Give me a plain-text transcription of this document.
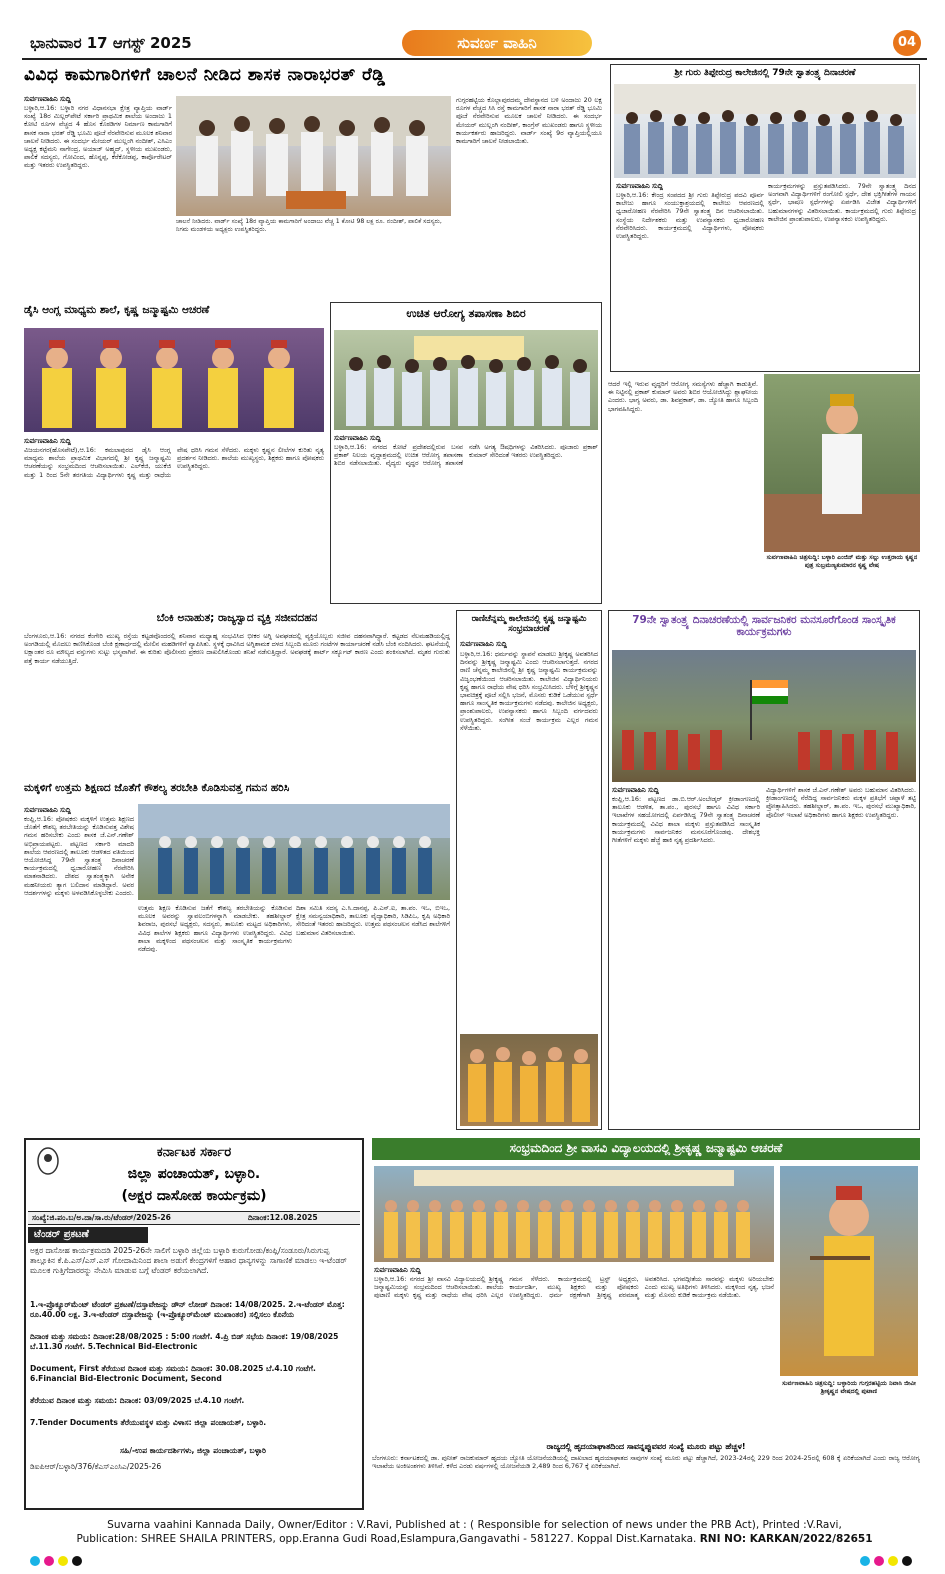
ಭಾನುವಾರ 17 ಆಗಸ್ಟ್ 2025	ಸುವರ್ಣ ವಾಹಿನಿ	04
ವಿವಿಧ ಕಾಮಗಾರಿಗಳಿಗೆ ಚಾಲನೆ ನೀಡಿದ ಶಾಸಕ ನಾರಾಭರತ್ ರೆಡ್ಡಿ
ಸುರ್ವಣವಾಹಿನಿ ಸುದ್ದಿ
ಬಳ್ಳಾರಿ,ಆ.16: ಬಳ್ಳಾರಿ ನಗರ ವಿಧಾನಸಭಾ ಕ್ಷೇತ್ರ ವ್ಯಾಪ್ತಿಯ ವಾರ್ಡ್ ಸಂಖ್ಯೆ 18ರ ಮಿಲ್ಲರ್‌ಪೇಟೆ ಸರ್ಕಾರಿ ಪ್ರಾಥಮಿಕ ಶಾಲೆಯ ಅಂದಾಜು 1 ಕೋಟಿ ರೂಗಳ ವೆಚ್ಚದ 4 ಹೊಸ ಕೊಠಡಿಗಳ ನಿರ್ಮಾಣ ಕಾಮಗಾರಿಗೆ ಶಾಸಕ ನಾರಾ ಭರತ್ ರೆಡ್ಡಿ ಭೂಮಿ ಪೂಜೆ ನೆರವೇರಿಸುವ ಮೂಲಕ ಶನಿವಾರ ಚಾಲನೆ ನೀಡಿದರು. ಈ ಸಂದರ್ಭ ಮೇಯರ್ ಮುಲ್ಲಂಗಿ ನಂದೀಶ್, ಎಸಿಎಂ ಅಧ್ಯಕ್ಷ ಕಟ್ಟೆಮನಿ ನಾಗೇಂದ್ರ, ಅಯಾಜ್ ಅಹ್ಮದ್, ಸ್ಥಳೀಯ ಮುಖಂಡರು, ಪಾಲಿಕೆ ಸದಸ್ಯರು, ಗೋವಿಂದ, ಹೊನ್ನಪ್ಪ, ಕೆರೆಕೋಡಪ್ಪ, ಕಾರ್ಪೊರೇಟರ್ ಮತ್ತು ಇತರರು ಉಪಸ್ಥಿತರಿದ್ದರು.
ಚಾಲನೆ ನೀಡಿದರು. ವಾರ್ಡ್ ಸಂಖ್ಯೆ 18ರ ವ್ಯಾಪ್ತಿಯ ಕಾಮಗಾರಿಗೆ ಅಂದಾಜು ವೆಚ್ಚ 1 ಕೋಟಿ 98 ಲಕ್ಷ ರೂ. ನಂದೀಶ್, ಪಾಲಿಕೆ ಸದಸ್ಯರು, ನಿಗಮ ಮಂಡಳಿಯ ಅಧ್ಯಕ್ಷರು ಉಪಸ್ಥಿತರಿದ್ದರು.
ಗುಗ್ಗರಹಟ್ಟಿಯ ಕೊಲ್ಲಾಪುರದಮ್ಮ ದೇವಸ್ಥಾನದ ಬಳಿ ಅಂದಾಜು 20 ಲಕ್ಷ ರೂಗಳ ವೆಚ್ಚದ ಸಿಸಿ ರಸ್ತೆ ಕಾಮಗಾರಿಗೆ ಶಾಸಕ ನಾರಾ ಭರತ್ ರೆಡ್ಡಿ ಭೂಮಿ ಪೂಜೆ ನೆರವೇರಿಸುವ ಮೂಲಕ ಚಾಲನೆ ನೀಡಿದರು. ಈ ಸಂದರ್ಭ ಮೇಯರ್ ಮುಲ್ಲಂಗಿ ನಂದೀಶ್, ಕಾಂಗ್ರೆಸ್ ಮುಖಂಡರು ಹಾಗೂ ಸ್ಥಳೀಯ ಕಾರ್ಯಕರ್ತರು ಹಾಜರಿದ್ದರು. ವಾರ್ಡ್ ಸಂಖ್ಯೆ 9ರ ವ್ಯಾಪ್ತಿಯಲ್ಲಿಯೂ ಕಾಮಗಾರಿಗೆ ಚಾಲನೆ ನೀಡಲಾಯಿತು.
ಶ್ರೀ ಗುರು ತಿಪ್ಪೇರುದ್ರ ಕಾಲೇಜಿನಲ್ಲಿ 79ನೇ ಸ್ವಾತಂತ್ರ್ಯ ದಿನಾಚರಣೆ
ಸುರ್ವಣವಾಹಿನಿ ಸುದ್ದಿ
ಬಳ್ಳಾರಿ,ಆ.16: ಕೇಂದ್ರ ಸಂಪದದ ಶ್ರೀ ಗುರು ತಿಪ್ಪೇರುದ್ರ ಪದವಿ ಪೂರ್ವ ಕಾಲೇಜು ಹಾಗೂ ಸಂಯುಕ್ತಾಶ್ರಯದಲ್ಲಿ ಕಾಲೇಜು ಆವರಣದಲ್ಲಿ ಧ್ವಜಾರೋಹಣ ನೆರವೇರಿಸಿ 79ನೇ ಸ್ವಾತಂತ್ರ್ಯ ದಿನ ಆಚರಿಸಲಾಯಿತು. ಸಂಸ್ಥೆಯ ನಿರ್ದೇಶಕರು ಮತ್ತು ಉಪನ್ಯಾಸಕರು ಧ್ವಜಾರೋಹಣ ನೆರವೇರಿಸಿದರು. ಕಾರ್ಯಕ್ರಮದಲ್ಲಿ ವಿದ್ಯಾರ್ಥಿಗಳು, ಪೋಷಕರು ಉಪಸ್ಥಿತರಿದ್ದರು.
ಕಾರ್ಯಕ್ರಮಗಳನ್ನು ಪ್ರಸ್ತುತಪಡಿಸಿದರು. 79ನೇ ಸ್ವಾತಂತ್ರ್ಯ ದಿನದ ಅಂಗವಾಗಿ ವಿದ್ಯಾರ್ಥಿಗಳಿಗೆ ರಂಗೋಲಿ ಸ್ಪರ್ಧೆ, ದೇಶ ಭಕ್ತಿಗೀತೆಗಳ ಗಾಯನ ಸ್ಪರ್ಧೆ, ಭಾಷಣ ಸ್ಪರ್ಧೆಗಳನ್ನು ಏರ್ಪಡಿಸಿ ವಿಜೇತ ವಿದ್ಯಾರ್ಥಿಗಳಿಗೆ ಬಹುಮಾನಗಳನ್ನು ವಿತರಿಸಲಾಯಿತು. ಕಾರ್ಯಕ್ರಮದಲ್ಲಿ ಗುರು ತಿಪ್ಪೇರುದ್ರ ಕಾಲೇಜಿನ ಪ್ರಾಂಶುಪಾಲರು, ಉಪನ್ಯಾಸಕರು ಉಪಸ್ಥಿತರಿದ್ದರು.
ಡೈಸಿ ಆಂಗ್ಲ ಮಾಧ್ಯಮ ಶಾಲೆ, ಕೃಷ್ಣ ಜನ್ಮಾಷ್ಟಮಿ ಆಚರಣೆ
ಸುರ್ವಣವಾಹಿನಿ ಸುದ್ದಿ
ವಿಜಯನಗರ(ಹೊಸಪೇಟೆ),ಆ.16: ಕಮಲಾಪುರದ ಡೈಸಿ ಆಂಗ್ಲ ಮಾಧ್ಯಮ ಶಾಲೆಯ ಪ್ರಾಥಮಿಕ ವಿಭಾಗದಲ್ಲಿ ಶ್ರೀ ಕೃಷ್ಣ ಜನ್ಮಾಷ್ಟಮಿ ಆಚರಣೆಯನ್ನು ಸಂಭ್ರಮದಿಂದ ಆಚರಿಸಲಾಯಿತು. ಎಲ್‌ಕೆಜಿ, ಯುಕೆಜಿ ಮತ್ತು 1 ರಿಂದ 5ನೇ ತರಗತಿಯ ವಿದ್ಯಾರ್ಥಿಗಳು ಕೃಷ್ಣ ಮತ್ತು ರಾಧೆಯ ವೇಷ ಧರಿಸಿ ಗಮನ ಸೆಳೆದರು. ಮಕ್ಕಳು ಕೃಷ್ಣನ ಲೀಲೆಗಳ ಕುರಿತು ನೃತ್ಯ ಪ್ರದರ್ಶನ ನೀಡಿದರು. ಶಾಲೆಯ ಮುಖ್ಯಸ್ಥರು, ಶಿಕ್ಷಕರು ಹಾಗೂ ಪೋಷಕರು ಉಪಸ್ಥಿತರಿದ್ದರು.
ಉಚಿತ ಆರೋಗ್ಯ ತಪಾಸಣಾ ಶಿಬಿರ
ಸುರ್ವಣವಾಹಿನಿ ಸುದ್ದಿ
ಬಳ್ಳಾರಿ,ಆ.16: ನಗರದ ಕೋಟೆ ಪ್ರದೇಶದಲ್ಲಿರುವ ಬಸವ ಪ್ರಕಾಶ್ ನಿಲಯ ವೃದ್ಧಾಶ್ರಮದಲ್ಲಿ ಉಚಿತ ಆರೋಗ್ಯ ತಪಾಸಣಾ ಶಿಬಿರ ನಡೆಸಲಾಯಿತು. ವೈದ್ಯರು ವೃದ್ಧರ ಆರೋಗ್ಯ ತಪಾಸಣೆ ನಡೆಸಿ ಅಗತ್ಯ ಔಷಧಿಗಳನ್ನು ವಿತರಿಸಿದರು. ಪೂಜಾರು ಪ್ರಕಾಶ್ ಕುಮಾರ್ ಸೇರಿದಂತೆ ಇತರರು ಉಪಸ್ಥಿತರಿದ್ದರು.
ಆದರೆ ಇಲ್ಲಿ ಇರುವ ವೃದ್ಧರಿಗೆ ಆರೋಗ್ಯ ಸಮಸ್ಯೆಗಳು ಹೆಚ್ಚಾಗಿ ಕಾಡುತ್ತಿವೆ. ಈ ನಿಟ್ಟಿನಲ್ಲಿ ಪ್ರಕಾಶ್ ಕುಮಾರ್ ಅವರು ಶಿಬಿರ ಆಯೋಜಿಸಿದ್ದು ಶ್ಲಾಘನೀಯ ಎಂದರು. ಭಾಗ್ಯ ಅವರು, ಡಾ. ಶಿವಪ್ರಕಾಶ್, ಡಾ. ಜ್ಯೋತಿ ಹಾಗೂ ಸಿಬ್ಬಂದಿ ಭಾಗವಹಿಸಿದ್ದರು.
ಸುರ್ವಣವಾಹಿನಿ ಚಿತ್ರಸುದ್ದಿ: ಬಳ್ಳಾರಿ ಎಂಜಿನ್ ಮತ್ತು ಸಲ್ಲು ಉತ್ತರಾಯ ಕೃಷ್ಣನ ಪುತ್ರ ಸುಬ್ರಮಣ್ಯಕುಮಾರನ ಕೃಷ್ಣ ವೇಷ
ಬೆಂಕಿ ಅನಾಹುತ; ರಾಜ್ಯಸ್ವಾದ ವ್ಯಕ್ತಿ ಸಜೀವದಹನ
ಬೆಂಗಳೂರು,ಆ.16: ನಗರದ ಕೆಂಗೇರಿ ಮುಖ್ಯ ರಸ್ತೆಯ ಕಟ್ಟಡವೊಂದರಲ್ಲಿ ಶನಿವಾರ ಮಧ್ಯಾಹ್ನ ಸಂಭವಿಸಿದ ಭೀಕರ ಅಗ್ನಿ ಅವಘಡದಲ್ಲಿ ವ್ಯಕ್ತಿಯೊಬ್ಬರು ಸಜೀವ ದಹನವಾಗಿದ್ದಾರೆ. ಕಟ್ಟಡದ ನೆಲಮಹಡಿಯಲ್ಲಿದ್ದ ಅಂಗಡಿಯಲ್ಲಿ ಮೊದಲು ಕಾಣಿಸಿಕೊಂಡ ಬೆಂಕಿ ಕ್ಷಣಾರ್ಧದಲ್ಲಿ ಮೇಲಿನ ಮಹಡಿಗಳಿಗೆ ವ್ಯಾಪಿಸಿತು. ಸ್ಥಳಕ್ಕೆ ಧಾವಿಸಿದ ಅಗ್ನಿಶಾಮಕ ದಳದ ಸಿಬ್ಬಂದಿ ಮೂರು ಗಂಟೆಗಳ ಕಾರ್ಯಾಚರಣೆ ನಡೆಸಿ ಬೆಂಕಿ ನಂದಿಸಿದರು. ಘಟನೆಯಲ್ಲಿ ಲಕ್ಷಾಂತರ ರೂ ಮೌಲ್ಯದ ವಸ್ತುಗಳು ಸುಟ್ಟು ಭಸ್ಮವಾಗಿವೆ. ಈ ಕುರಿತು ಪೊಲೀಸರು ಪ್ರಕರಣ ದಾಖಲಿಸಿಕೊಂಡು ತನಿಖೆ ನಡೆಸುತ್ತಿದ್ದಾರೆ. ಅವಘಡಕ್ಕೆ ಶಾರ್ಟ್ ಸರ್ಕ್ಯೂಟ್ ಕಾರಣ ಎಂದು ಶಂಕಿಸಲಾಗಿದೆ. ಮೃತರ ಗುರುತು ಪತ್ತೆ ಕಾರ್ಯ ನಡೆಯುತ್ತಿದೆ.
ಮಕ್ಕಳಿಗೆ ಉತ್ತಮ ಶಿಕ್ಷಣದ ಜೊತೆಗೆ ಕೌಶಲ್ಯ ತರಬೇತಿ ಕೊಡಿಸುವತ್ತ ಗಮನ ಹರಿಸಿ
ಸುರ್ವಣವಾಹಿನಿ ಸುದ್ದಿ
ಕಂಪ್ಲಿ,ಆ.16: ಪೋಷಕರು ಮಕ್ಕಳಿಗೆ ಉತ್ತಮ ಶಿಕ್ಷಣದ ಜೊತೆಗೆ ಕೌಶಲ್ಯ ತರಬೇತಿಯನ್ನು ಕೊಡಿಸುವತ್ತ ವಿಶೇಷ ಗಮನ ಹರಿಸಬೇಕು ಎಂದು ಶಾಸಕ ಜೆ.ಎನ್.ಗಣೇಶ್ ಅಭಿಪ್ರಾಯಪಟ್ಟರು. ಪಟ್ಟಣದ ಸರ್ಕಾರಿ ಮಾದರಿ ಶಾಲೆಯ ಆವರಣದಲ್ಲಿ ತಾಲೂಕು ಆಡಳಿತದ ವತಿಯಿಂದ ಆಯೋಜಿಸಿದ್ದ 79ನೇ ಸ್ವಾತಂತ್ರ್ಯ ದಿನಾಚರಣೆ ಕಾರ್ಯಕ್ರಮದಲ್ಲಿ ಧ್ವಜಾರೋಹಣ ನೆರವೇರಿಸಿ ಮಾತನಾಡಿದರು. ದೇಶದ ಸ್ವಾತಂತ್ರ್ಯಕ್ಕಾಗಿ ಅನೇಕ ಮಹನೀಯರು ತ್ಯಾಗ ಬಲಿದಾನ ಮಾಡಿದ್ದಾರೆ. ಅವರ ಆದರ್ಶಗಳನ್ನು ಮಕ್ಕಳು ಅಳವಡಿಸಿಕೊಳ್ಳಬೇಕು ಎಂದರು.
ಉತ್ತಮ ಶಿಕ್ಷಣ ಕೊಡಿಸುವ ಜತೆಗೆ ಕೌಶಲ್ಯ ತರಬೇತಿಯನ್ನು ಕೊಡಿಸುವ ಮೂಲಕ ಅವರನ್ನು ಸ್ವಾವಲಂಬಿಗಳನ್ನಾಗಿ ಮಾಡಬೇಕು. ತಹಶೀಲ್ದಾರ್ ಶಿವರಾಜ, ಪುರಸಭೆ ಅಧ್ಯಕ್ಷರು, ಸದಸ್ಯರು, ತಾಲೂಕು ಮಟ್ಟದ ಅಧಿಕಾರಿಗಳು, ವಿವಿಧ ಶಾಲೆಗಳ ಶಿಕ್ಷಕರು ಹಾಗೂ ವಿದ್ಯಾರ್ಥಿಗಳು ಉಪಸ್ಥಿತರಿದ್ದರು. ವಿವಿಧ ಶಾಲಾ ಮಕ್ಕಳಿಂದ ಪಥಸಂಚಲನ ಮತ್ತು ಸಾಂಸ್ಕೃತಿಕ ಕಾರ್ಯಕ್ರಮಗಳು ನಡೆದವು.
ದಿಶಾ ಸಮಿತಿ ಸದಸ್ಯ ಎ.ಸಿ.ದಾನಪ್ಪ, ಪಿ.ಎಸ್.ಐ, ತಾ.ಪಂ. ಇಒ, ಬಿಇಒ, ಕ್ಷೇತ್ರ ಸಮನ್ವಯಾಧಿಕಾರಿ, ತಾಲೂಕು ವೈದ್ಯಾಧಿಕಾರಿ, ಸಿಡಿಪಿಒ, ಕೃಷಿ ಅಧಿಕಾರಿ ಸೇರಿದಂತೆ ಇತರರು ಹಾಜರಿದ್ದರು. ಉತ್ತಮ ಪಥಸಂಚಲನ ನಡೆಸಿದ ಶಾಲೆಗಳಿಗೆ ಬಹುಮಾನ ವಿತರಿಸಲಾಯಿತು.
ರಾಣಿಚೆನ್ನಮ್ಮ ಕಾಲೇಜಿನಲ್ಲಿ ಕೃಷ್ಣ ಜನ್ಮಾಷ್ಟಮಿ ಸಂಭ್ರಮಾಚರಣೆ
ಸುರ್ವಣವಾಹಿನಿ ಸುದ್ದಿ
ಬಳ್ಳಾರಿ,ಆ.16: ಧರ್ಮವನ್ನು ಸ್ಥಾಪನೆ ಮಾಡಲು ಶ್ರೀಕೃಷ್ಣ ಅವತರಿಸಿದ ದಿನವನ್ನು ಶ್ರೀಕೃಷ್ಣ ಜನ್ಮಾಷ್ಟಮಿ ಎಂದು ಆಚರಿಸಲಾಗುತ್ತದೆ. ನಗರದ ರಾಣಿ ಚೆನ್ನಮ್ಮ ಕಾಲೇಜಿನಲ್ಲಿ ಶ್ರೀ ಕೃಷ್ಣ ಜನ್ಮಾಷ್ಟಮಿ ಕಾರ್ಯಕ್ರಮವನ್ನು ವಿಜೃಂಭಣೆಯಿಂದ ಆಚರಿಸಲಾಯಿತು. ಕಾಲೇಜಿನ ವಿದ್ಯಾರ್ಥಿನಿಯರು ಕೃಷ್ಣ ಹಾಗೂ ರಾಧೆಯ ವೇಷ ಧರಿಸಿ ಸಂಭ್ರಮಿಸಿದರು. ಬೆಳಿಗ್ಗೆ ಶ್ರೀಕೃಷ್ಣನ ಭಾವಚಿತ್ರಕ್ಕೆ ಪೂಜೆ ಸಲ್ಲಿಸಿ ಭಜನೆ, ಮೊಸರು ಕುಡಿಕೆ ಒಡೆಯುವ ಸ್ಪರ್ಧೆ ಹಾಗೂ ಸಾಂಸ್ಕೃತಿಕ ಕಾರ್ಯಕ್ರಮಗಳು ನಡೆದವು. ಕಾಲೇಜಿನ ಅಧ್ಯಕ್ಷರು, ಪ್ರಾಂಶುಪಾಲರು, ಉಪನ್ಯಾಸಕರು ಹಾಗೂ ಸಿಬ್ಬಂದಿ ವರ್ಗದವರು ಉಪಸ್ಥಿತರಿದ್ದರು. ಸಂಗೀತ ಸಂಜೆ ಕಾರ್ಯಕ್ರಮ ಎಲ್ಲರ ಗಮನ ಸೆಳೆಯಿತು.
79ನೇ ಸ್ವಾತಂತ್ರ್ಯ ದಿನಾಚರಣೆಯಲ್ಲಿ ಸಾರ್ವಜನಿಕರ ಮನಸೂರೆಗೊಂಡ ಸಾಂಸ್ಕೃತಿಕ ಕಾರ್ಯಕ್ರಮಗಳು
ಸುರ್ವಣವಾಹಿನಿ ಸುದ್ದಿ
ಕಂಪ್ಲಿ,ಆ.16: ಪಟ್ಟಣದ ಡಾ.ಬಿ.ಆರ್.ಅಂಬೇಡ್ಕರ್ ಕ್ರೀಡಾಂಗಣದಲ್ಲಿ ತಾಲೂಕು ಆಡಳಿತ, ತಾ.ಪಂ., ಪುರಸಭೆ ಹಾಗೂ ವಿವಿಧ ಸರ್ಕಾರಿ ಇಲಾಖೆಗಳ ಸಹಯೋಗದಲ್ಲಿ ಏರ್ಪಡಿಸಿದ್ದ 79ನೇ ಸ್ವಾತಂತ್ರ್ಯ ದಿನಾಚರಣೆ ಕಾರ್ಯಕ್ರಮದಲ್ಲಿ ವಿವಿಧ ಶಾಲಾ ಮಕ್ಕಳು ಪ್ರಸ್ತುತಪಡಿಸಿದ ಸಾಂಸ್ಕೃತಿಕ ಕಾರ್ಯಕ್ರಮಗಳು ಸಾರ್ವಜನಿಕರ ಮನಸೂರೆಗೊಂಡವು. ದೇಶಭಕ್ತಿ ಗೀತೆಗಳಿಗೆ ಮಕ್ಕಳು ಹೆಜ್ಜೆ ಹಾಕಿ ನೃತ್ಯ ಪ್ರದರ್ಶಿಸಿದರು.
ವಿದ್ಯಾರ್ಥಿಗಳಿಗೆ ಶಾಸಕ ಜೆ.ಎನ್.ಗಣೇಶ್ ಅವರು ಬಹುಮಾನ ವಿತರಿಸಿದರು. ಕ್ರೀಡಾಂಗಣದಲ್ಲಿ ನೆರೆದಿದ್ದ ಸಾರ್ವಜನಿಕರು ಮಕ್ಕಳ ಪ್ರತಿಭೆಗೆ ಚಪ್ಪಾಳೆ ತಟ್ಟಿ ಪ್ರೋತ್ಸಾಹಿಸಿದರು. ತಹಶೀಲ್ದಾರ್, ತಾ.ಪಂ. ಇಒ, ಪುರಸಭೆ ಮುಖ್ಯಾಧಿಕಾರಿ, ಪೊಲೀಸ್ ಇಲಾಖೆ ಅಧಿಕಾರಿಗಳು ಹಾಗೂ ಶಿಕ್ಷಕರು ಉಪಸ್ಥಿತರಿದ್ದರು.
ಕರ್ನಾಟಕ ಸರ್ಕಾರ
ಜಿಲ್ಲಾ ಪಂಚಾಯತ್, ಬಳ್ಳಾರಿ.
(ಅಕ್ಷರ ದಾಸೋಹ ಕಾರ್ಯಕ್ರಮ)
ಸಂಖ್ಯೆ:ಜಿ.ಪಂ.ಬ/ಅ.ದಾ/ಸಾ.ರು/ಟೆಂಡರ್/2025-26	ದಿನಾಂಕ:12.08.2025
ಟೆಂಡರ್ ಪ್ರಕಟಣೆ
ಅಕ್ಷರ ದಾಸೋಹ ಕಾರ್ಯಕ್ರಮದಡಿ 2025-26ನೇ ಸಾಲಿಗೆ ಬಳ್ಳಾರಿ ಜಿಲ್ಲೆಯ ಬಳ್ಳಾರಿ ಕುರುಗೋಡು/ಕಂಪ್ಲಿ/ಸಂಡೂರು/ಸಿರುಗುಪ್ಪ ತಾಲ್ಲೂಕಿನ ಕೆ.ಪಿ.ಎಸ್/ಎಸ್.ಎಸ್ ಗೋದಾಮಿನಿಂದ ಶಾಲಾ ಅಡುಗೆ ಕೇಂದ್ರಗಳಿಗೆ ಆಹಾರ ಧಾನ್ಯಗಳನ್ನು ಸಾಗಾಣಿಕೆ ಮಾಡಲು ಇ-ಟೆಂಡರ್ ಮೂಲಕ ಗುತ್ತಿಗೆದಾರರನ್ನು ನೇಮಿಸಿ ಮಾಡುವ ಬಗ್ಗೆ ಟೆಂಡರ್ ಕರೆಯಲಾಗಿದೆ.
1.ಇ-ಪ್ರೊಕ್ಯೂರ್‌ಮೆಂಟ್ ಟೆಂಡರ್ ಪ್ರಕಟಣೆ/ದಸ್ತಾವೇಜನ್ನು ಡೌನ್ ಲೋಡ್ ದಿನಾಂಕ: 14/08/2025. 2.ಇ-ಟೆಂಡರ್ ಮೊತ್ತ: ರೂ.40.00 ಲಕ್ಷ. 3.ಇ-ಟೆಂಡರ್ ದಸ್ತಾವೇಜನ್ನು (ಇ-ಪ್ರೊಕ್ಯೂರ್‌ಮೆಂಟ್ ಮುಖಾಂತರ) ಸಲ್ಲಿಸಲು ಕೊನೆಯ
ದಿನಾಂಕ ಮತ್ತು ಸಮಯ: ದಿನಾಂಕ:28/08/2025 : 5:00 ಗಂಟೆಗೆ. 4.ಪ್ರಿ ಬಿಡ್ ಸಭೆಯ ದಿನಾಂಕ: 19/08/2025 ಬೆ.11.30 ಗಂಟೆಗೆ. 5.Technical Bid-Electronic
Document, First ತೆರೆಯುವ ದಿನಾಂಕ ಮತ್ತು ಸಮಯ: ದಿನಾಂಕ: 30.08.2025 ಬೆ.4.10 ಗಂಟೆಗೆ. 6.Financial Bid-Electronic Document, Second
ತೆರೆಯುವ ದಿನಾಂಕ ಮತ್ತು ಸಮಯ: ದಿನಾಂಕ: 03/09/2025 ಬೆ.4.10 ಗಂಟೆಗೆ.
7.Tender Documents ತೆರೆಯುವಸ್ಥಳ ಮತ್ತು ವಿಳಾಸ: ಜಿಲ್ಲಾ ಪಂಚಾಯತ್, ಬಳ್ಳಾರಿ.
ಸಹಿ/-ಉಪ ಕಾರ್ಯದರ್ಶಿಗಳು, ಜಿಲ್ಲಾ ಪಂಚಾಯತ್, ಬಳ್ಳಾರಿ
ಡಿಐಪಿಆರ್/ಬಳ್ಳಾರಿ/376/ಕೆಎಸ್‌ಎಂಸಿಎ/2025-26
ಸಂಭ್ರಮದಿಂದ ಶ್ರೀ ವಾಸವಿ ವಿದ್ಯಾಲಯದಲ್ಲಿ ಶ್ರೀಕೃಷ್ಣ ಜನ್ಮಾಷ್ಟಮಿ ಆಚರಣೆ
ಸುರ್ವಣವಾಹಿನಿ ಸುದ್ದಿ
ಬಳ್ಳಾರಿ,ಆ.16: ನಗರದ ಶ್ರೀ ವಾಸವಿ ವಿದ್ಯಾಲಯದಲ್ಲಿ ಶ್ರೀಕೃಷ್ಣ ಜನ್ಮಾಷ್ಟಮಿಯನ್ನು ಸಂಭ್ರಮದಿಂದ ಆಚರಿಸಲಾಯಿತು. ಶಾಲೆಯ ಪುಟಾಣಿ ಮಕ್ಕಳು ಕೃಷ್ಣ ಮತ್ತು ರಾಧೆಯ ವೇಷ ಧರಿಸಿ ಎಲ್ಲರ ಗಮನ ಸೆಳೆದರು. ಕಾರ್ಯಕ್ರಮದಲ್ಲಿ ಟ್ರಸ್ಟ್ ಅಧ್ಯಕ್ಷರು, ಕಾರ್ಯದರ್ಶಿ, ಮುಖ್ಯ ಶಿಕ್ಷಕರು ಮತ್ತು ಪೋಷಕರು ಉಪಸ್ಥಿತರಿದ್ದರು. ಧರ್ಮ ರಕ್ಷಣೆಗಾಗಿ ಶ್ರೀಕೃಷ್ಣ ಪರಮಾತ್ಮ ಅವತರಿಸಿದ. ಭಗವದ್ಗೀತೆಯ ಸಾರವನ್ನು ಮಕ್ಕಳು ಅರಿಯಬೇಕು ಎಂದು ಮುಖ್ಯ ಅತಿಥಿಗಳು ತಿಳಿಸಿದರು. ಮಕ್ಕಳಿಂದ ನೃತ್ಯ, ಭಜನೆ ಮತ್ತು ಮೊಸರು ಕುಡಿಕೆ ಕಾರ್ಯಕ್ರಮ ನಡೆಯಿತು.
ಸುರ್ವಣವಾಹಿನಿ ಚಿತ್ರಸುದ್ದಿ: ಬಳ್ಳಾರಿಯ ಗುಗ್ಗರಹಟ್ಟಿಯ ನಿವಾಸಿ ಜೀವೀ ಶ್ರೀಕೃಷ್ಣನ ವೇಷದಲ್ಲಿ ಪುಟಾಣಿ
ರಾಜ್ಯದಲ್ಲಿ ಹೃದಯಾಘಾತದಿಂದ ಸಾವನ್ನಪ್ಪುವವರ ಸಂಖ್ಯೆ ಮೂರು ಪಟ್ಟು ಹೆಚ್ಚಳ!
ಬೆಂಗಳೂರು: ಕರ್ನಾಟಕದಲ್ಲಿ ಡಾ. ಪುನೀತ್ ರಾಜಕುಮಾರ್ ಹೃದಯ ಜ್ಯೋತಿ ಯೋಜನೆಯಡಿಯಲ್ಲಿ ದಾಖಲಾದ ಹೃದಯಾಘಾತದ ಸಾವುಗಳ ಸಂಖ್ಯೆ ಮೂರು ಪಟ್ಟು ಹೆಚ್ಚಾಗಿದೆ, 2023-24ರಲ್ಲಿ 229 ರಿಂದ 2024-25ರಲ್ಲಿ 608 ಕ್ಕೆ ಏರಿಕೆಯಾಗಿದೆ ಎಂದು ರಾಜ್ಯ ಆರೋಗ್ಯ ಇಲಾಖೆಯ ಅಂಕಿಅಂಶಗಳು ತಿಳಿಸಿವೆ. ಕಳೆದ ಎರಡು ವರ್ಷಗಳಲ್ಲಿ ಯೋಜನೆಯಡಿ 2,489 ರಿಂದ 6,767 ಕ್ಕೆ ಏರಿಕೆಯಾಗಿದೆ.
Suvarna vaahini Kannada Daily, Owner/Editor : V.Ravi, Published at : ( Responsible for selection of news under the PRB Act), Printed :V.Ravi,
Publication: SHREE SHAILA PRINTERS, opp.Eranna Gudi Road,Eslampura,Gangavathi - 581227. Koppal Dist.Karnataka. RNI NO: KARKAN/2022/82651
